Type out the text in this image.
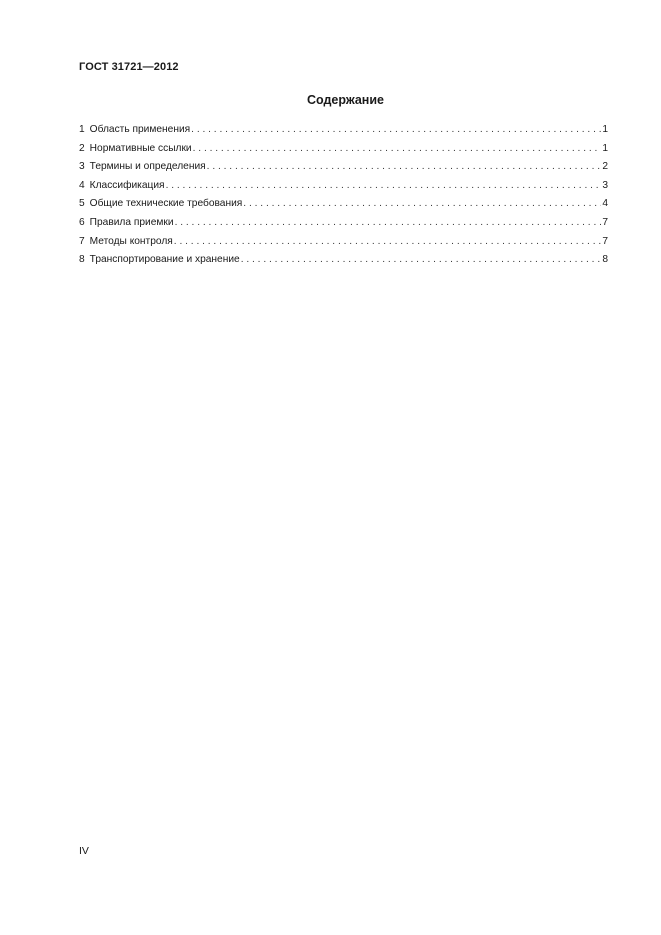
ГОСТ 31721—2012
Содержание
1 Область применения . . .	1
2 Нормативные ссылки . . .	1
3 Термины и определения . . .	2
4 Классификация . . .	3
5 Общие технические требования . . .	4
6 Правила приемки . . .	7
7 Методы контроля . . .	7
8 Транспортирование и хранение . . .	8
IV
